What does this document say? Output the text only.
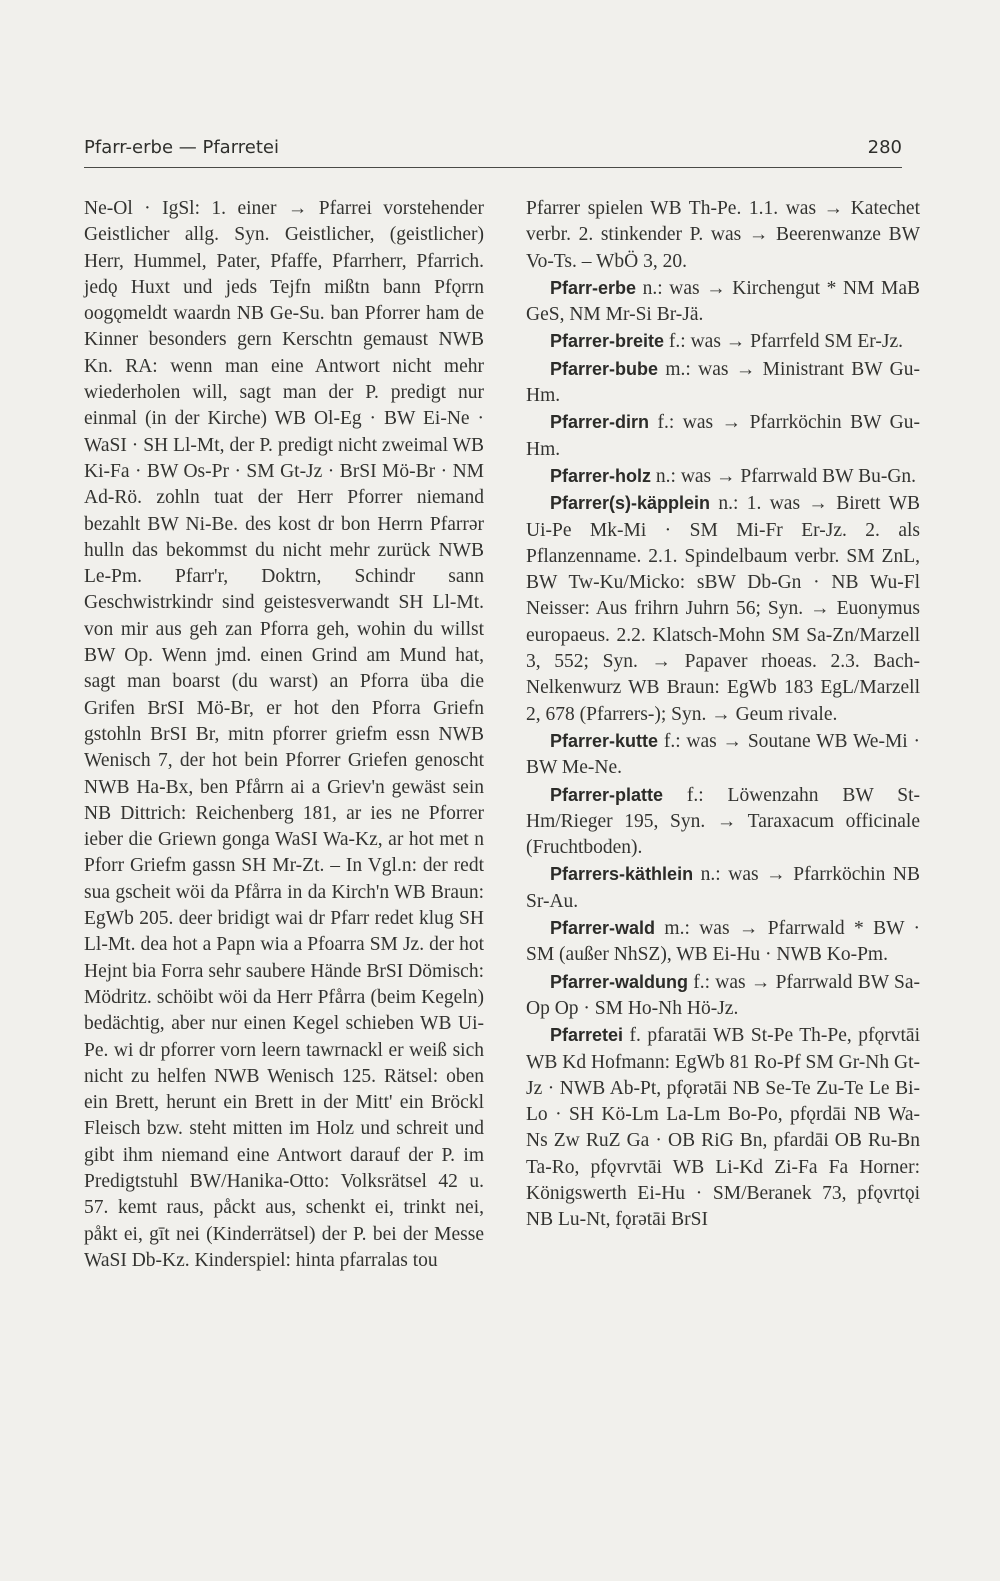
Pfarr-erbe — Pfarretei	280

Ne-Ol · IgSl: 1. einer → Pfarrei vorstehender Geistlicher allg. Syn. Geistlicher, (geistlicher) Herr, Hummel, Pater, Pfaffe, Pfarrherr, Pfarrich. jedǫ Huxt und jeds Tejfn mißtn bann Pfǫrrn oogǫmeldt waardn NB Ge-Su. ban Pforrer ham de Kinner besonders gern Kerschtn gemaust NWB Kn. RA: wenn man eine Antwort nicht mehr wiederholen will, sagt man der P. predigt nur einmal (in der Kirche) WB Ol-Eg · BW Ei-Ne · WaSI · SH Ll-Mt, der P. predigt nicht zweimal WB Ki-Fa · BW Os-Pr · SM Gt-Jz · BrSI Mö-Br · NM Ad-Rö. zohln tuat der Herr Pforrer niemand bezahlt BW Ni-Be. des kost dr bon Herrn Pfarrər hulln das bekommst du nicht mehr zurück NWB Le-Pm. Pfarr'r, Doktrn, Schindr sann Geschwistrkindr sind geistesverwandt SH Ll-Mt. von mir aus geh zan Pforra geh, wohin du willst BW Op. Wenn jmd. einen Grind am Mund hat, sagt man boarst (du warst) an Pforra üba die Grifen BrSI Mö-Br, er hot den Pforra Griefn gstohln BrSI Br, mitn pforrer griefm essn NWB Wenisch 7, der hot bein Pforrer Griefen genoscht NWB Ha-Bx, ben Pfårrn ai a Griev'n gewäst sein NB Dittrich: Reichenberg 181, ar ies ne Pforrer ieber die Griewn gonga WaSI Wa-Kz, ar hot met n Pforr Griefm gassn SH Mr-Zt. – In Vgl.n: der redt sua gscheit wöi da Pfårra in da Kirch'n WB Braun: EgWb 205. deer bridigt wai dr Pfarr redet klug SH Ll-Mt. dea hot a Papn wia a Pfoarra SM Jz. der hot Hejnt bia Forra sehr saubere Hände BrSI Dömisch: Mödritz. schöibt wöi da Herr Pfårra (beim Kegeln) bedächtig, aber nur einen Kegel schieben WB Ui-Pe. wi dr pforrer vorn leern tawrnackl er weiß sich nicht zu helfen NWB Wenisch 125. Rätsel: oben ein Brett, herunt ein Brett in der Mitt' ein Bröckl Fleisch bzw. steht mitten im Holz und schreit und gibt ihm niemand eine Antwort darauf der P. im Predigtstuhl BW/Hanika-Otto: Volksrätsel 42 u. 57. kemt raus, påckt aus, schenkt ei, trinkt nei, påkt ei, gīt nei (Kinderrätsel) der P. bei der Messe WaSI Db-Kz. Kinderspiel: hinta pfarralas tou

Pfarrer spielen WB Th-Pe. 1.1. was → Katechet verbr. 2. stinkender P. was → Beerenwanze BW Vo-Ts. – WbÖ 3, 20.

Pfarr-erbe n.: was → Kirchengut * NM MaB GeS, NM Mr-Si Br-Jä.

Pfarrer-breite f.: was → Pfarrfeld SM Er-Jz.

Pfarrer-bube m.: was → Ministrant BW Gu-Hm.

Pfarrer-dirn f.: was → Pfarrköchin BW Gu-Hm.

Pfarrer-holz n.: was → Pfarrwald BW Bu-Gn.

Pfarrer(s)-käpplein n.: 1. was → Birett WB Ui-Pe Mk-Mi · SM Mi-Fr Er-Jz. 2. als Pflanzenname. 2.1. Spindelbaum verbr. SM ZnL, BW Tw-Ku/Micko: sBW Db-Gn · NB Wu-Fl Neisser: Aus frihrn Juhrn 56; Syn. → Euonymus europaeus. 2.2. Klatsch-Mohn SM Sa-Zn/Marzell 3, 552; Syn. → Papaver rhoeas. 2.3. Bach-Nelkenwurz WB Braun: EgWb 183 EgL/Marzell 2, 678 (Pfarrers-); Syn. → Geum rivale.

Pfarrer-kutte f.: was → Soutane WB We-Mi · BW Me-Ne.

Pfarrer-platte f.: Löwenzahn BW St-Hm/Rieger 195, Syn. → Taraxacum officinale (Fruchtboden).

Pfarrers-käthlein n.: was → Pfarrköchin NB Sr-Au.

Pfarrer-wald m.: was → Pfarrwald * BW · SM (außer NhSZ), WB Ei-Hu · NWB Ko-Pm.

Pfarrer-waldung f.: was → Pfarrwald BW Sa-Op Op · SM Ho-Nh Hö-Jz.

Pfarretei f. pfaratāi WB St-Pe Th-Pe, pfǫrvtāi WB Kd Hofmann: EgWb 81 Ro-Pf SM Gr-Nh Gt-Jz · NWB Ab-Pt, pfǫrətāi NB Se-Te Zu-Te Le Bi-Lo · SH Kö-Lm La-Lm Bo-Po, pfǫrdāi NB Wa-Ns Zw RuZ Ga · OB RiG Bn, pfardāi OB Ru-Bn Ta-Ro, pfǫvrvtāi WB Li-Kd Zi-Fa Fa Horner: Königswerth Ei-Hu · SM/Beranek 73, pfǫvrtǫi NB Lu-Nt, fǫrətāi BrSI
